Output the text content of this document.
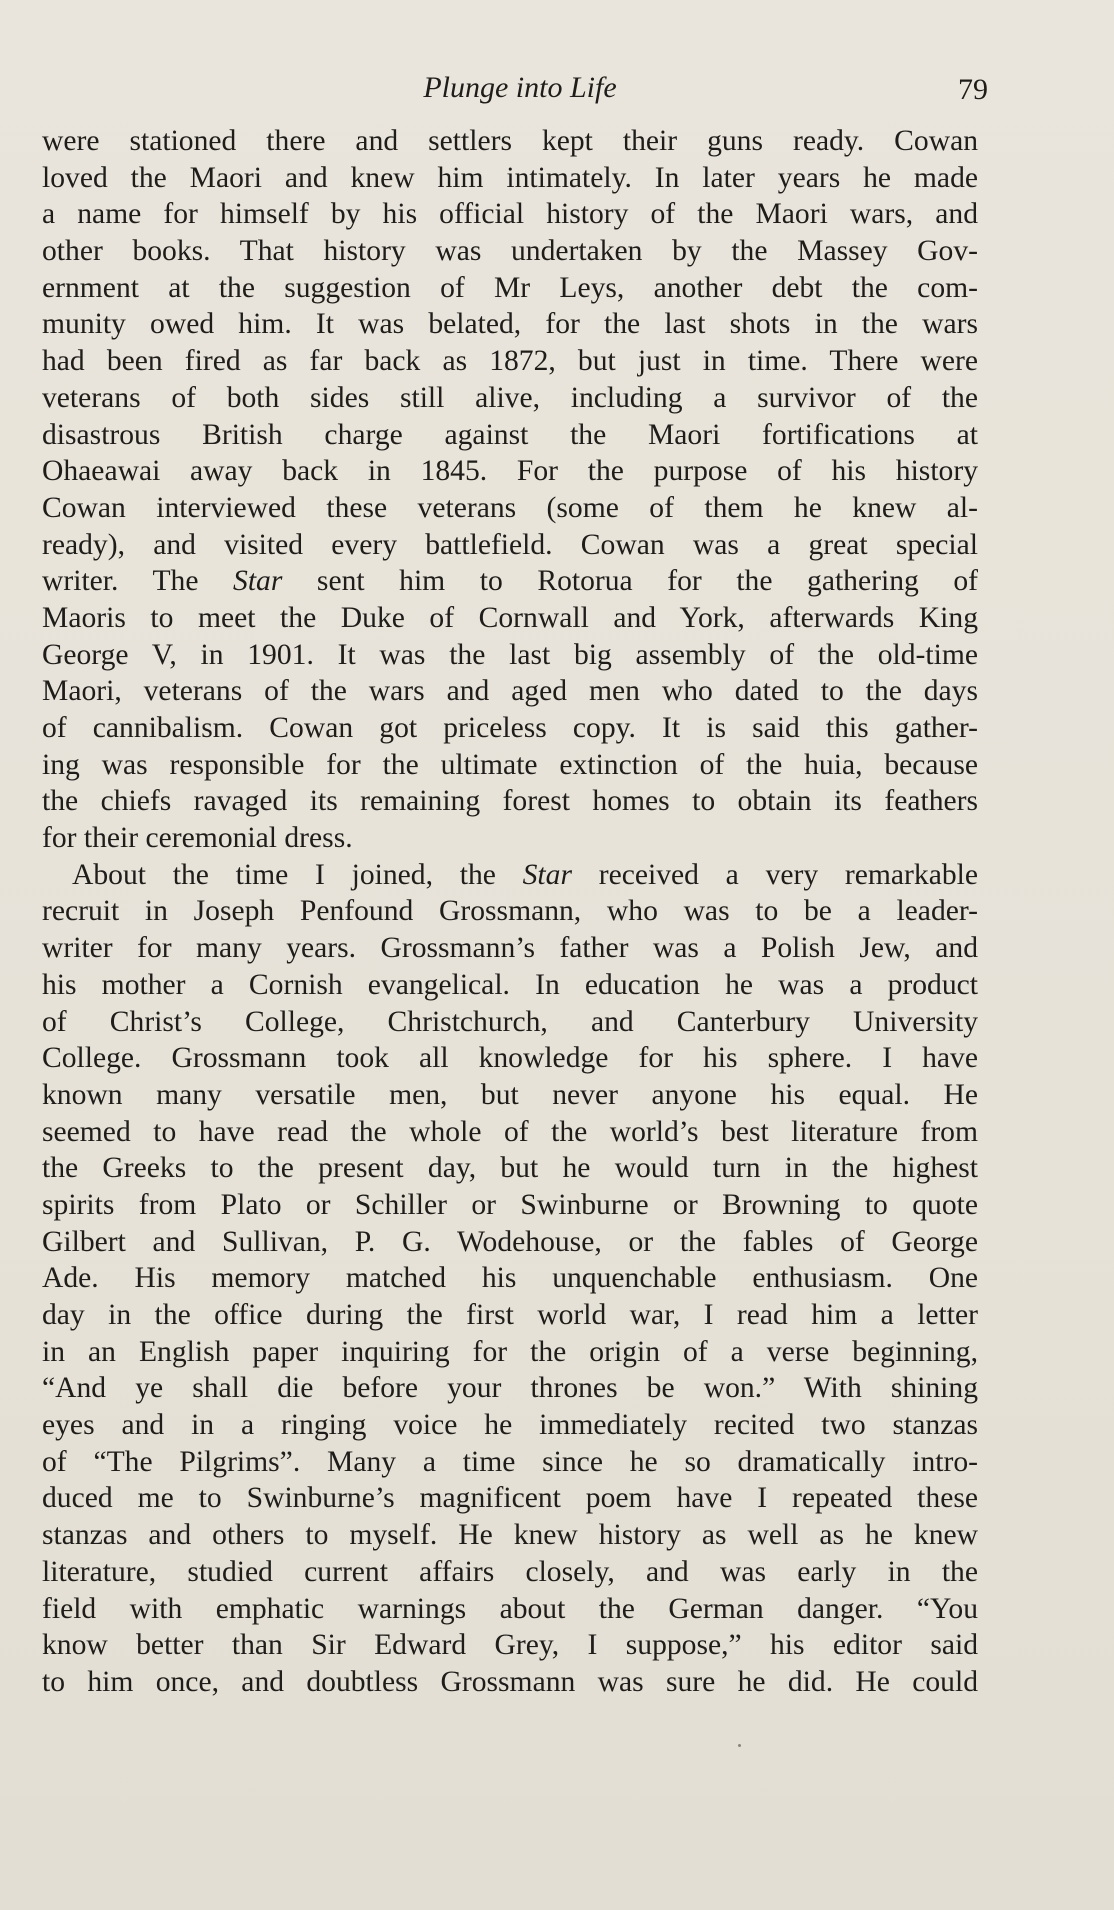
Plunge into Life	79
were stationed there and settlers kept their guns ready. Cowan
loved the Maori and knew him intimately. In later years he made
a name for himself by his official history of the Maori wars, and
other books. That history was undertaken by the Massey Gov-
ernment at the suggestion of Mr Leys, another debt the com-
munity owed him. It was belated, for the last shots in the wars
had been fired as far back as 1872, but just in time. There were
veterans of both sides still alive, including a survivor of the
disastrous British charge against the Maori fortifications at
Ohaeawai away back in 1845. For the purpose of his history
Cowan interviewed these veterans (some of them he knew al-
ready), and visited every battlefield. Cowan was a great special
writer. The Star sent him to Rotorua for the gathering of
Maoris to meet the Duke of Cornwall and York, afterwards King
George V, in 1901. It was the last big assembly of the old-time
Maori, veterans of the wars and aged men who dated to the days
of cannibalism. Cowan got priceless copy. It is said this gather-
ing was responsible for the ultimate extinction of the huia, because
the chiefs ravaged its remaining forest homes to obtain its feathers
for their ceremonial dress.
About the time I joined, the Star received a very remarkable
recruit in Joseph Penfound Grossmann, who was to be a leader-
writer for many years. Grossmann’s father was a Polish Jew, and
his mother a Cornish evangelical. In education he was a product
of Christ’s College, Christchurch, and Canterbury University
College. Grossmann took all knowledge for his sphere. I have
known many versatile men, but never anyone his equal. He
seemed to have read the whole of the world’s best literature from
the Greeks to the present day, but he would turn in the highest
spirits from Plato or Schiller or Swinburne or Browning to quote
Gilbert and Sullivan, P. G. Wodehouse, or the fables of George
Ade. His memory matched his unquenchable enthusiasm. One
day in the office during the first world war, I read him a letter
in an English paper inquiring for the origin of a verse beginning,
“And ye shall die before your thrones be won.” With shining
eyes and in a ringing voice he immediately recited two stanzas
of “The Pilgrims”. Many a time since he so dramatically intro-
duced me to Swinburne’s magnificent poem have I repeated these
stanzas and others to myself. He knew history as well as he knew
literature, studied current affairs closely, and was early in the
field with emphatic warnings about the German danger. “You
know better than Sir Edward Grey, I suppose,” his editor said
to him once, and doubtless Grossmann was sure he did. He could
